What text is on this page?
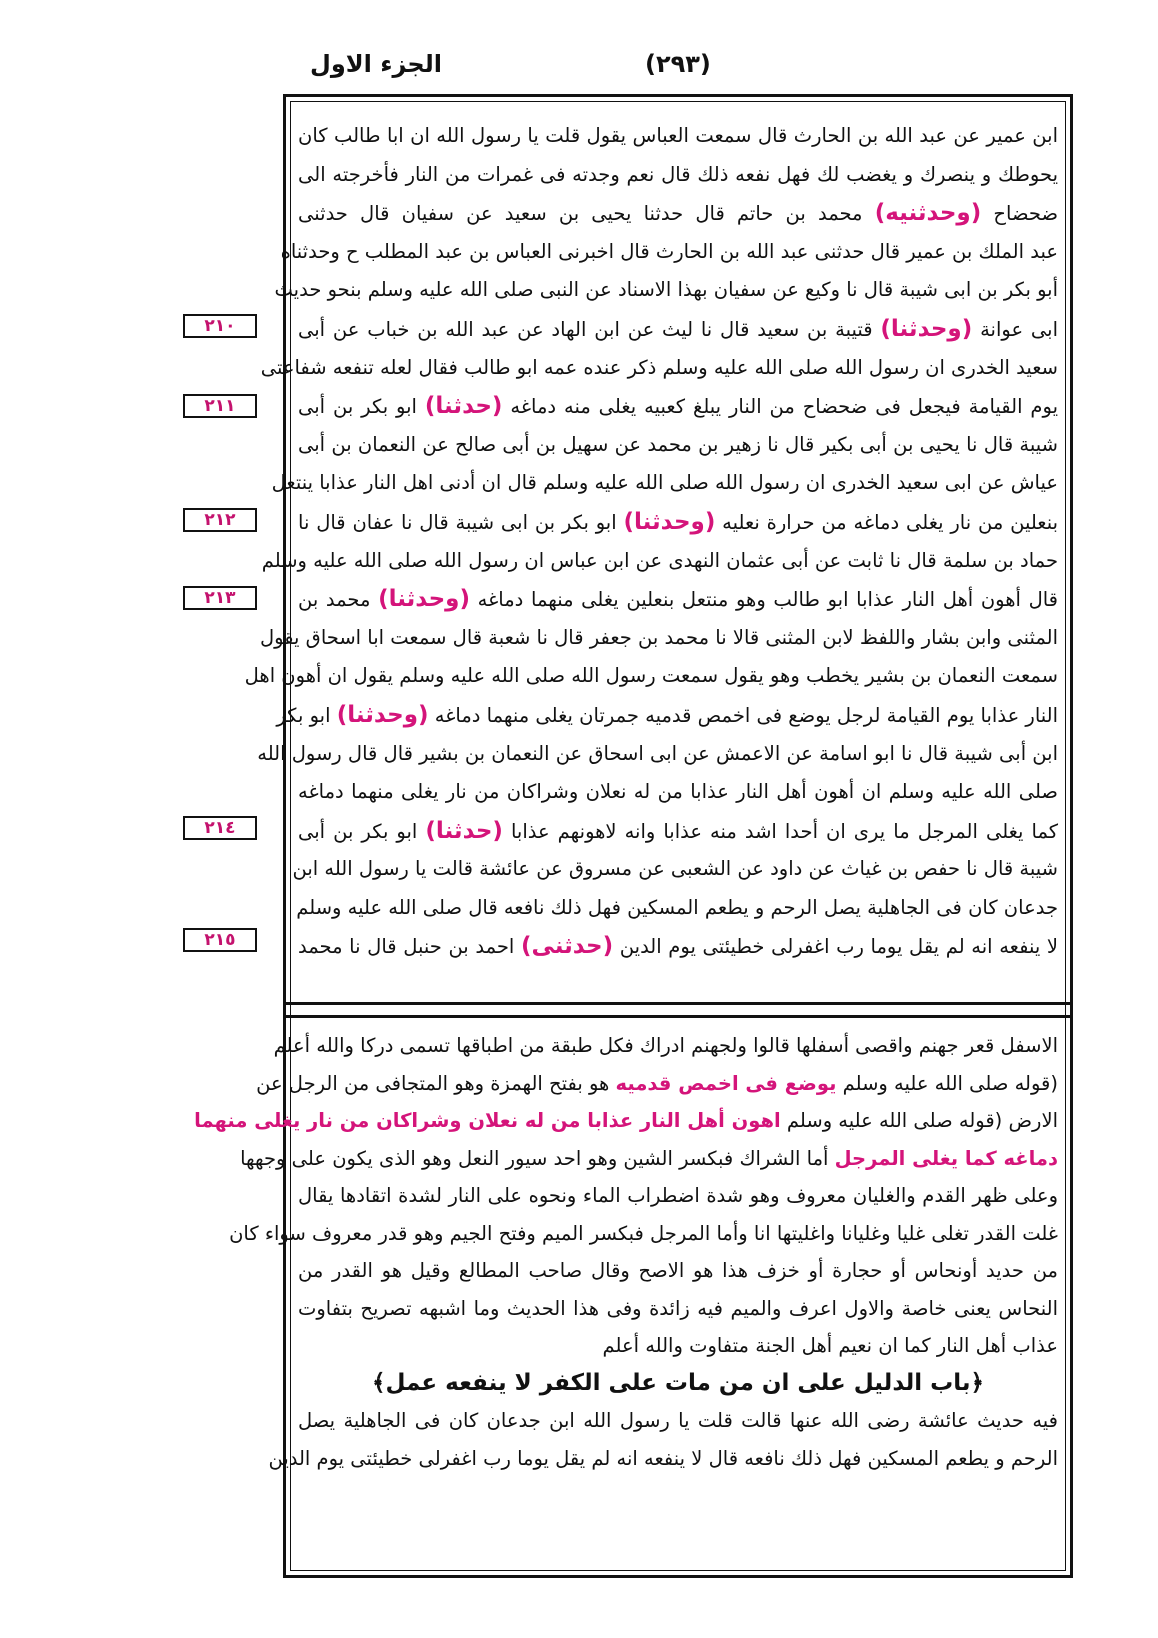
الجزء الاول	(٢٩٣)
٢١٠
٢١١
٢١٢
٢١٣
٢١٤
٢١٥
ابن عمير عن عبد الله بن الحارث قال سمعت العباس يقول قلت يا رسول الله ان ابا طالب كان
يحوطك و ينصرك و يغضب لك فهل نفعه ذلك قال نعم وجدته فى غمرات من النار فأخرجته الى
ضحضاح (وحدثنيه) محمد بن حاتم قال حدثنا يحيى بن سعيد عن سفيان قال حدثنى
عبد الملك بن عمير قال حدثنى عبد الله بن الحارث قال اخبرنى العباس بن عبد المطلب ح وحدثناه
أبو بكر بن ابى شيبة قال نا وكيع عن سفيان بهذا الاسناد عن النبى صلى الله عليه وسلم بنحو حديث
ابى عوانة (وحدثنا) قتيبة بن سعيد قال نا ليث عن ابن الهاد عن عبد الله بن خباب عن أبى
سعيد الخدرى ان رسول الله صلى الله عليه وسلم ذكر عنده عمه ابو طالب فقال لعله تنفعه شفاعتى
يوم القيامة فيجعل فى ضحضاح من النار يبلغ كعبيه يغلى منه دماغه (حدثنا) ابو بكر بن أبى
شيبة قال نا يحيى بن أبى بكير قال نا زهير بن محمد عن سهيل بن أبى صالح عن النعمان بن أبى
عياش عن ابى سعيد الخدرى ان رسول الله صلى الله عليه وسلم قال ان أدنى اهل النار عذابا ينتعل
بنعلين من نار يغلى دماغه من حرارة نعليه (وحدثنا) ابو بكر بن ابى شيبة قال نا عفان قال نا
حماد بن سلمة قال نا ثابت عن أبى عثمان النهدى عن ابن عباس ان رسول الله صلى الله عليه وسلم
قال أهون أهل النار عذابا ابو طالب وهو منتعل بنعلين يغلى منهما دماغه (وحدثنا) محمد بن
المثنى وابن بشار واللفظ لابن المثنى قالا نا محمد بن جعفر قال نا شعبة قال سمعت ابا اسحاق يقول
سمعت النعمان بن بشير يخطب وهو يقول سمعت رسول الله صلى الله عليه وسلم يقول ان أهون اهل
النار عذابا يوم القيامة لرجل يوضع فى اخمص قدميه جمرتان يغلى منهما دماغه (وحدثنا) ابو بكر
ابن أبى شيبة قال نا ابو اسامة عن الاعمش عن ابى اسحاق عن النعمان بن بشير قال قال رسول الله
صلى الله عليه وسلم ان أهون أهل النار عذابا من له نعلان وشراكان من نار يغلى منهما دماغه
كما يغلى المرجل ما يرى ان أحدا اشد منه عذابا وانه لاهونهم عذابا (حدثنا) ابو بكر بن أبى
شيبة قال نا حفص بن غياث عن داود عن الشعبى عن مسروق عن عائشة قالت يا رسول الله ابن
جدعان كان فى الجاهلية يصل الرحم و يطعم المسكين فهل ذلك نافعه قال صلى الله عليه وسلم
لا ينفعه انه لم يقل يوما رب اغفرلى خطيئتى يوم الدين (حدثنى) احمد بن حنبل قال نا محمد
الاسفل قعر جهنم واقصى أسفلها قالوا ولجهنم ادراك فكل طبقة من اطباقها تسمى دركا والله أعلم
(قوله صلى الله عليه وسلم يوضع فى اخمص قدميه هو بفتح الهمزة وهو المتجافى من الرجل عن
الارض (قوله صلى الله عليه وسلم اهون أهل النار عذابا من له نعلان وشراكان من نار يغلى منهما
دماغه كما يغلى المرجل أما الشراك فبكسر الشين وهو احد سيور النعل وهو الذى يكون على وجهها
وعلى ظهر القدم والغليان معروف وهو شدة اضطراب الماء ونحوه على النار لشدة اتقادها يقال
غلت القدر تغلى غليا وغليانا واغليتها انا وأما المرجل فبكسر الميم وفتح الجيم وهو قدر معروف سواء كان
من حديد أونحاس أو حجارة أو خزف هذا هو الاصح وقال صاحب المطالع وقيل هو القدر من
النحاس يعنى خاصة والاول اعرف والميم فيه زائدة وفى هذا الحديث وما اشبهه تصريح بتفاوت
عذاب أهل النار كما ان نعيم أهل الجنة متفاوت والله أعلم
﴿باب الدليل على ان من مات على الكفر لا ينفعه عمل﴾
فيه حديث عائشة رضى الله عنها قالت قلت يا رسول الله ابن جدعان كان فى الجاهلية يصل
الرحم و يطعم المسكين فهل ذلك نافعه قال لا ينفعه انه لم يقل يوما رب اغفرلى خطيئتى يوم الدين
